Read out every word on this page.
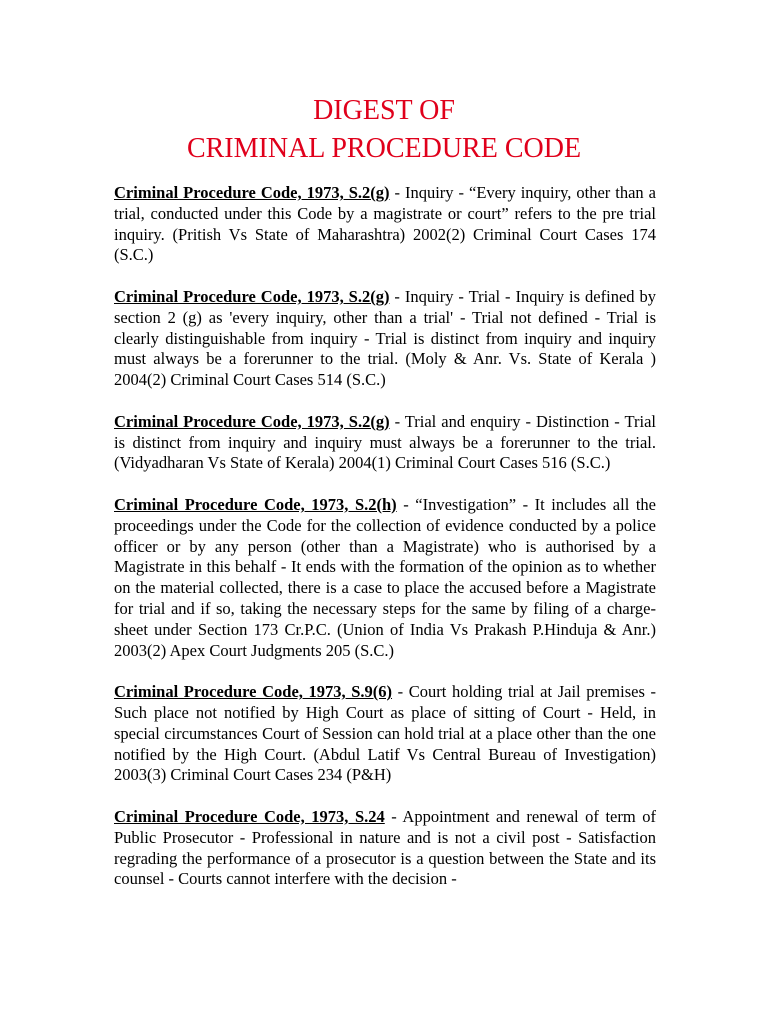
DIGEST OF
CRIMINAL PROCEDURE CODE

Criminal Procedure Code, 1973, S.2(g) - Inquiry - “Every inquiry, other than a trial, conducted under this Code by a magistrate or court” refers to the pre trial inquiry. (Pritish Vs State of Maharashtra) 2002(2) Criminal Court Cases 174 (S.C.)

Criminal Procedure Code, 1973, S.2(g) - Inquiry - Trial - Inquiry is defined by section 2 (g) as 'every inquiry, other than a trial' - Trial not defined - Trial is clearly distinguishable from inquiry - Trial is distinct from inquiry and inquiry must always be a forerunner to the trial. (Moly & Anr. Vs. State of Kerala ) 2004(2) Criminal Court Cases 514 (S.C.)

Criminal Procedure Code, 1973, S.2(g) - Trial and enquiry - Distinction - Trial is distinct from inquiry and inquiry must always be a forerunner to the trial. (Vidyadharan Vs State of Kerala) 2004(1) Criminal Court Cases 516 (S.C.)

Criminal Procedure Code, 1973, S.2(h) - “Investigation” - It includes all the proceedings under the Code for the collection of evidence conducted by a police officer or by any person (other than a Magistrate) who is authorised by a Magistrate in this behalf - It ends with the formation of the opinion as to whether on the material collected, there is a case to place the accused before a Magistrate for trial and if so, taking the necessary steps for the same by filing of a charge-sheet under Section 173 Cr.P.C. (Union of India Vs Prakash P.Hinduja & Anr.) 2003(2) Apex Court Judgments 205 (S.C.)

Criminal Procedure Code, 1973, S.9(6) - Court holding trial at Jail premises - Such place not notified by High Court as place of sitting of Court - Held, in special circumstances Court of Session can hold trial at a place other than the one notified by the High Court. (Abdul Latif Vs Central Bureau of Investigation) 2003(3) Criminal Court Cases 234 (P&H)

Criminal Procedure Code, 1973, S.24 - Appointment and renewal of term of Public Prosecutor - Professional in nature and is not a civil post - Satisfaction regrading the performance of a prosecutor is a question between the State and its counsel - Courts cannot interfere with the decision -
